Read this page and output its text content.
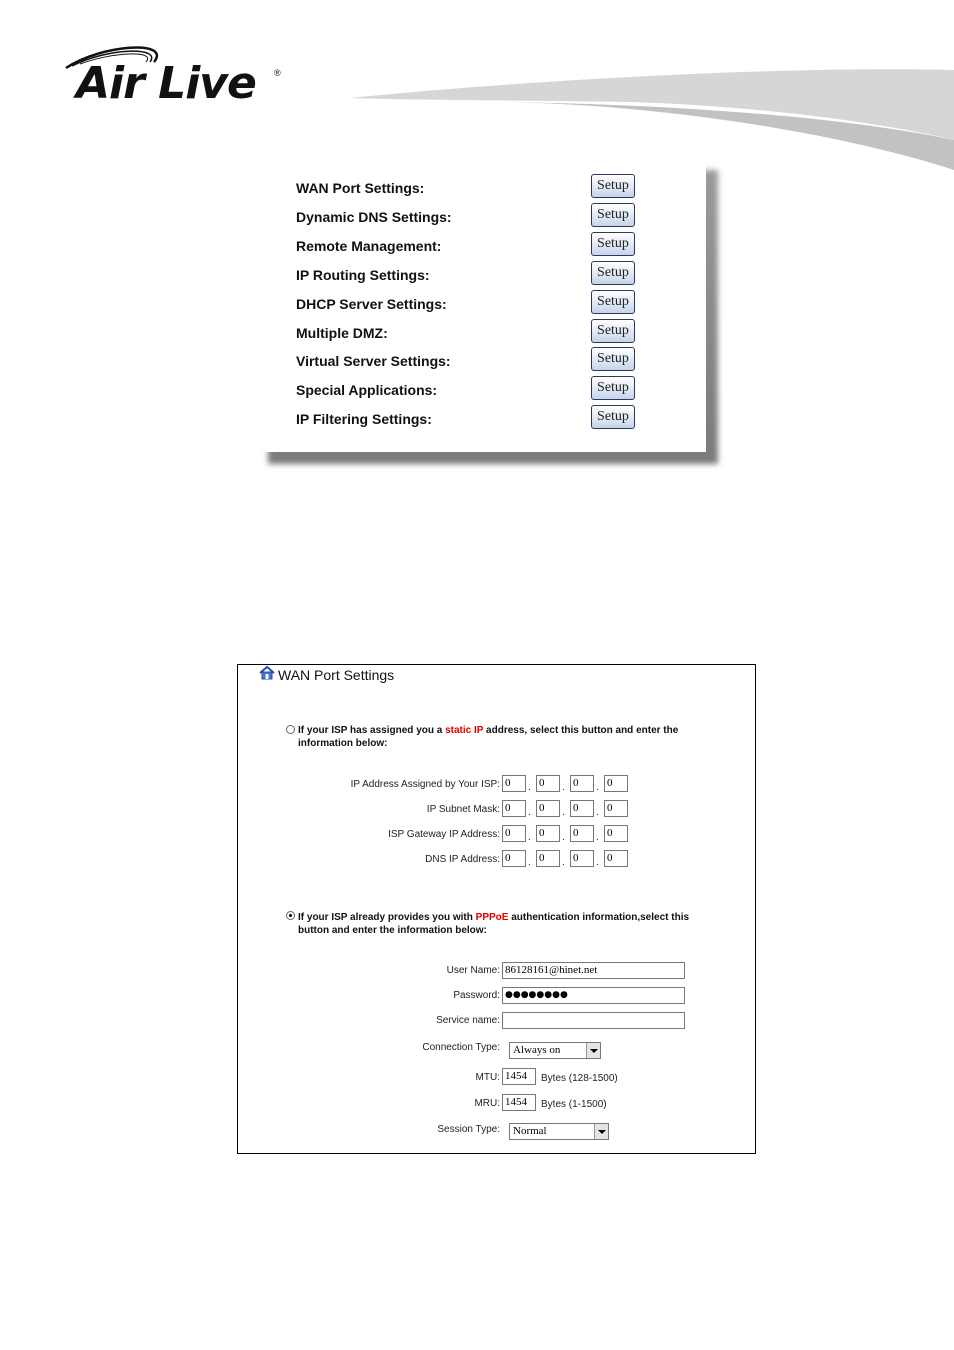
Air Live ®
WAN Port Settings:	Setup
Dynamic DNS Settings:	Setup
Remote Management:	Setup
IP Routing Settings:	Setup
DHCP Server Settings:	Setup
Multiple DMZ:	Setup
Virtual Server Settings:	Setup
Special Applications:	Setup
IP Filtering Settings:	Setup
WAN Port Settings
If your ISP has assigned you a static IP address, select this button and enter the
information below:
If your ISP already provides you with PPPoE authentication information,select this
button and enter the information below:
User Name: 86128161@hinet.net
Password: ●●●●●●●●
Service name:
Connection Type:	Always on
MTU: 1454	Bytes (128-1500)
MRU: 1454	Bytes (1-1500)
Session Type:	Normal
IP Address Assigned by Your ISP: 0	. 0	. 0	. 0
IP Subnet Mask: 0	. 0	. 0	. 0
ISP Gateway IP Address: 0	. 0	. 0	. 0
DNS IP Address: 0	. 0	. 0	. 0
